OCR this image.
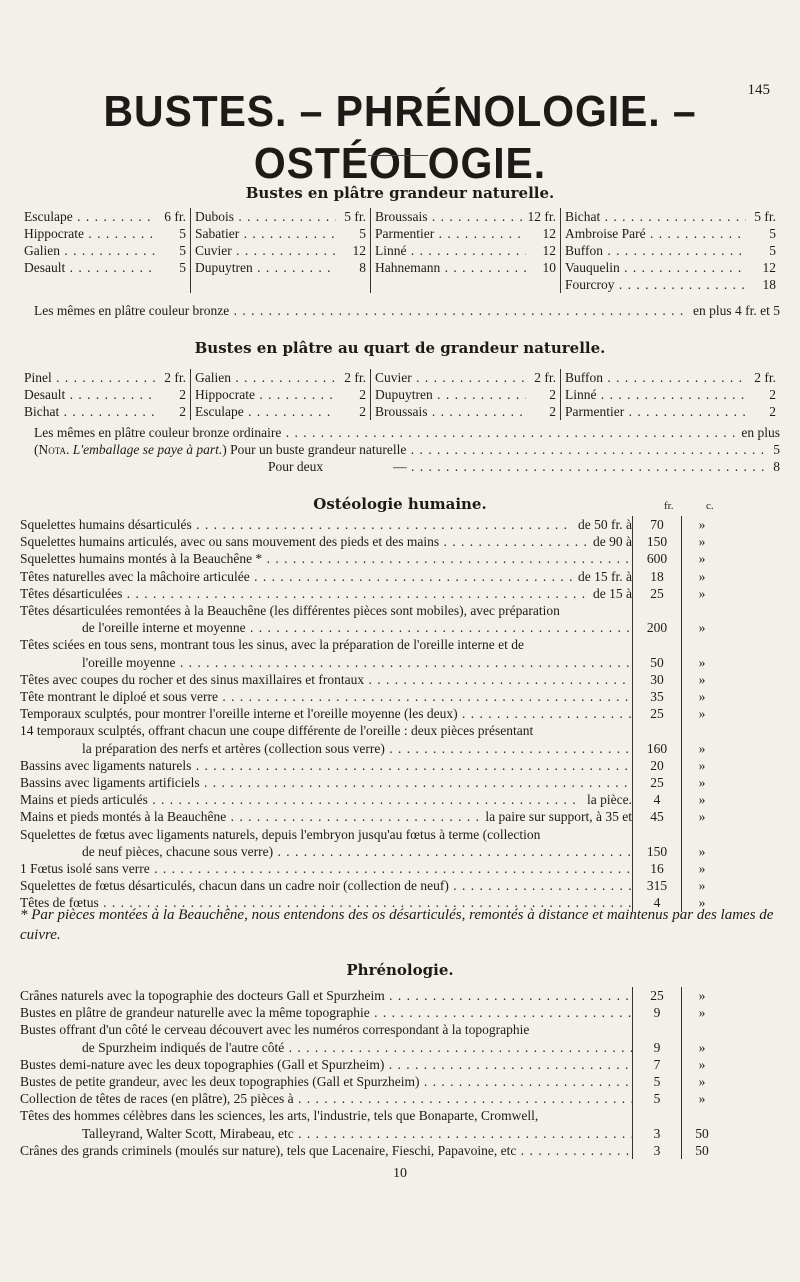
145
BUSTES. – PHRÉNOLOGIE. – OSTÉOLOGIE.
Bustes en plâtre grandeur naturelle.
Esculape . . .	6 fr.
Hippocrate . . .	5
Galien . . .	5
Desault . . .	5
Dubois . . .	5 fr.
Sabatier . . .	5
Cuvier . . .	12
Dupuytren . . .	8
Broussais . . .	12 fr.
Parmentier . . .	12
Linné . . .	12
Hahnemann . . .	10
Bichat . . .	5 fr.
Ambroise Paré . . .	5
Buffon . . .	5
Vauquelin . . .	12
Fourcroy . . .	18
Les mêmes en plâtre couleur bronze . . .	en plus 4 fr. et 5
Bustes en plâtre au quart de grandeur naturelle.
Pinel . . .	2 fr.
Desault . . .	2
Bichat . . .	2
Galien . . .	2 fr.
Hippocrate . . .	2
Esculape . . .	2
Cuvier . . .	2 fr.
Dupuytren . . .	2
Broussais . . .	2
Buffon . . .	2 fr.
Linné . . .	2
Parmentier . . .	2
Les mêmes en plâtre couleur bronze ordinaire . . .	en plus
(Nota. L'emballage se paye à part.) Pour un buste grandeur naturelle . . .	5
Pour deux	— . . .	8
Ostéologie humaine.	fr.	c.
Squelettes humains désarticulés . . .	de 50 fr. à	70	»
Squelettes humains articulés, avec ou sans mouvement des pieds et des mains . . .	de 90 à	150	»
Squelettes humains montés à la Beauchêne * . . .	600	»
Têtes naturelles avec la mâchoire articulée . . .	de 15 fr. à	18	»
Têtes désarticulées . . .	de 15 à	25	»
Têtes désarticulées remontées à la Beauchêne (les différentes pièces sont mobiles), avec préparation
de l'oreille interne et moyenne . . .	200	»
Têtes sciées en tous sens, montrant tous les sinus, avec la préparation de l'oreille interne et de
l'oreille moyenne . . .	50	»
Têtes avec coupes du rocher et des sinus maxillaires et frontaux . . .	30	»
Tête montrant le diploé et sous verre . . .	35	»
Temporaux sculptés, pour montrer l'oreille interne et l'oreille moyenne (les deux) . . .	25	»
14 temporaux sculptés, offrant chacun une coupe différente de l'oreille : deux pièces présentant
la préparation des nerfs et artères (collection sous verre) . . .	160	»
Bassins avec ligaments naturels . . .	20	»
Bassins avec ligaments artificiels . . .	25	»
Mains et pieds articulés . . .	la pièce.	4	»
Mains et pieds montés à la Beauchêne . . .	la paire sur support, à 35 et	45	»
Squelettes de fœtus avec ligaments naturels, depuis l'embryon jusqu'au fœtus à terme (collection
de neuf pièces, chacune sous verre) . . .	150	»
1 Fœtus isolé sans verre . . .	16	»
Squelettes de fœtus désarticulés, chacun dans un cadre noir (collection de neuf) . . .	315	»
Têtes de fœtus . . .	4	»
* Par pièces montées à la Beauchêne, nous entendons des os désarticulés, remontés à distance et maintenus par des lames de cuivre.
Phrénologie.
Crânes naturels avec la topographie des docteurs Gall et Spurzheim . . .	25	»
Bustes en plâtre de grandeur naturelle avec la même topographie . . .	9	»
Bustes offrant d'un côté le cerveau découvert avec les numéros correspondant à la topographie
de Spurzheim indiqués de l'autre côté . . .	9	»
Bustes demi-nature avec les deux topographies (Gall et Spurzheim) . . .	7	»
Bustes de petite grandeur, avec les deux topographies (Gall et Spurzheim) . . .	5	»
Collection de têtes de races (en plâtre), 25 pièces à . . .	5	»
Têtes des hommes célèbres dans les sciences, les arts, l'industrie, tels que Bonaparte, Cromwell,
Talleyrand, Walter Scott, Mirabeau, etc . . .	3	50
Crânes des grands criminels (moulés sur nature), tels que Lacenaire, Fieschi, Papavoine, etc . . .	3	50
10
